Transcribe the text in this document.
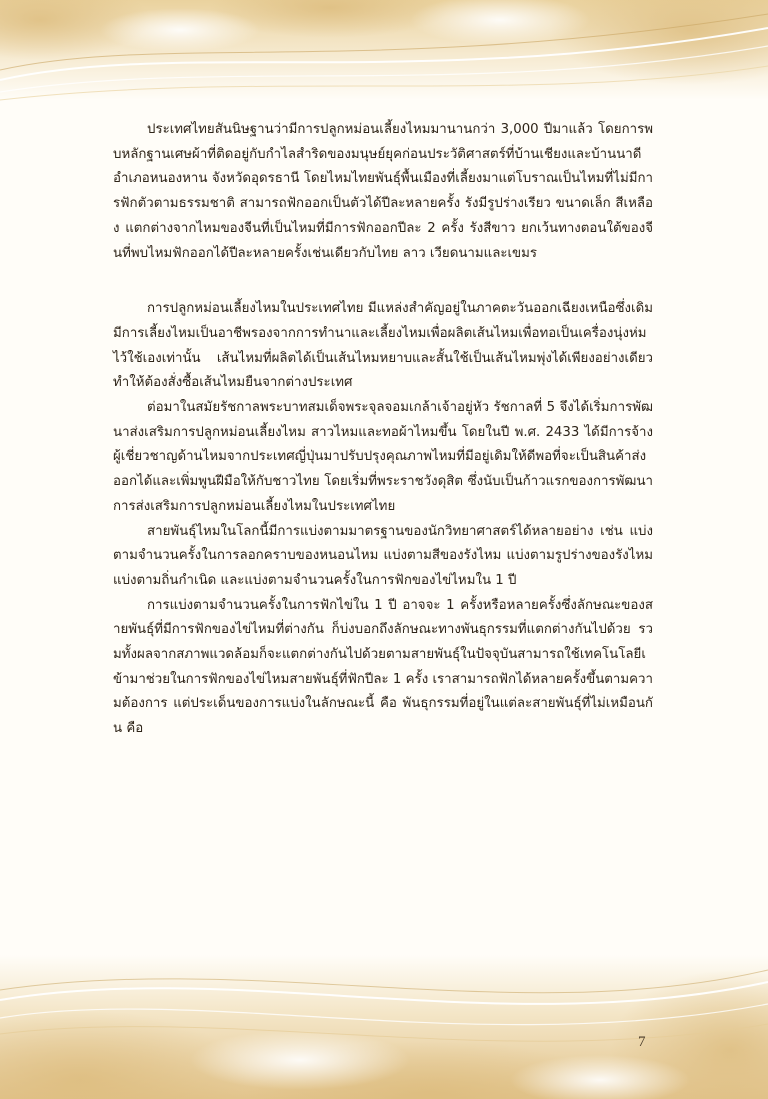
ประเทศไทยสันนิษฐานว่ามีการปลูกหม่อนเลี้ยงไหมมานานกว่า 3,000 ปีมาแล้ว โดยการพบหลักฐานเศษผ้าที่ติดอยู่กับกำไลสำริดของมนุษย์ยุคก่อนประวัติศาสตร์ที่บ้านเชียงและบ้านนาดี อำเภอหนองหาน จังหวัดอุดรธานี โดยไหมไทยพันธุ์พื้นเมืองที่เลี้ยงมาแต่โบราณเป็นไหมที่ไม่มีการฟักตัวตามธรรมชาติ สามารถฟักออกเป็นตัวได้ปีละหลายครั้ง รังมีรูปร่างเรียว ขนาดเล็ก สีเหลือง แตกต่างจากไหมของจีนที่เป็นไหมที่มีการฟักออกปีละ 2 ครั้ง รังสีขาว ยกเว้นทางตอนใต้ของจีนที่พบไหมฟักออกได้ปีละหลายครั้งเช่นเดียวกับไทย ลาว เวียดนามและเขมร

การปลูกหม่อนเลี้ยงไหมในประเทศไทย มีแหล่งสำคัญอยู่ในภาคตะวันออกเฉียงเหนือซึ่งเดิมมีการเลี้ยงไหมเป็นอาชีพรองจากการทำนาและเลี้ยงไหมเพื่อผลิตเส้นไหมเพื่อทอเป็นเครื่องนุ่งห่มไว้ใช้เองเท่านั้น เส้นไหมที่ผลิตได้เป็นเส้นไหมหยาบและสั้นใช้เป็นเส้นไหมพุ่งได้เพียงอย่างเดียว ทำให้ต้องสั่งซื้อเส้นไหมยืนจากต่างประเทศ

ต่อมาในสมัยรัชกาลพระบาทสมเด็จพระจุลจอมเกล้าเจ้าอยู่หัว รัชกาลที่ 5 จึงได้เริ่มการพัฒนาส่งเสริมการปลูกหม่อนเลี้ยงไหม สาวไหมและทอผ้าไหมขึ้น โดยในปี พ.ศ. 2433 ได้มีการจ้างผู้เชี่ยวชาญด้านไหมจากประเทศญี่ปุ่นมาปรับปรุงคุณภาพไหมที่มีอยู่เดิมให้ดีพอที่จะเป็นสินค้าส่งออกได้และเพิ่มพูนฝีมือให้กับชาวไทย โดยเริ่มที่พระราชวังดุสิต ซึ่งนับเป็นก้าวแรกของการพัฒนาการส่งเสริมการปลูกหม่อนเลี้ยงไหมในประเทศไทย

สายพันธุ์ไหมในโลกนี้มีการแบ่งตามมาตรฐานของนักวิทยาศาสตร์ได้หลายอย่าง เช่น แบ่งตามจำนวนครั้งในการลอกคราบของหนอนไหม แบ่งตามสีของรังไหม แบ่งตามรูปร่างของรังไหม แบ่งตามถิ่นกำเนิด และแบ่งตามจำนวนครั้งในการฟักของไข่ไหมใน 1 ปี

การแบ่งตามจำนวนครั้งในการฟักไข่ใน 1 ปี อาจจะ 1 ครั้งหรือหลายครั้งซึ่งลักษณะของสายพันธุ์ที่มีการฟักของไข่ไหมที่ต่างกัน ก็บ่งบอกถึงลักษณะทางพันธุกรรมที่แตกต่างกันไปด้วย รวมทั้งผลจากสภาพแวดล้อมก็จะแตกต่างกันไปด้วยตามสายพันธุ์ในปัจจุบันสามารถใช้เทคโนโลยีเข้ามาช่วยในการฟักของไข่ไหมสายพันธุ์ที่ฟักปีละ 1 ครั้ง เราสามารถฟักได้หลายครั้งขึ้นตามความต้องการ แต่ประเด็นของการแบ่งในลักษณะนี้ คือ พันธุกรรมที่อยู่ในแต่ละสายพันธุ์ที่ไม่เหมือนกัน คือ

7
